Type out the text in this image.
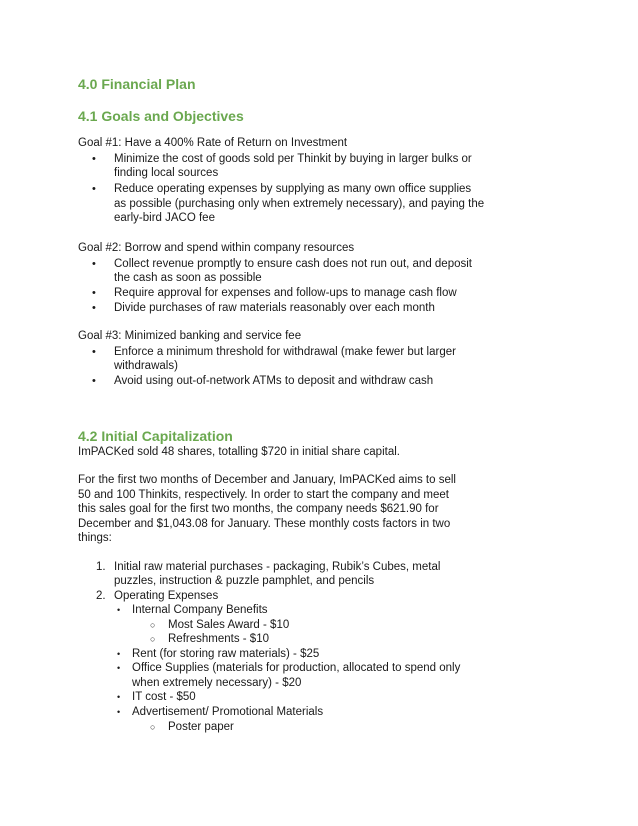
4.0 Financial Plan
4.1 Goals and Objectives
Goal #1: Have a 400% Rate of Return on Investment
• Minimize the cost of goods sold per Thinkit by buying in larger bulks or
finding local sources
• Reduce operating expenses by supplying as many own office supplies
as possible (purchasing only when extremely necessary), and paying the
early-bird JACO fee
Goal #2: Borrow and spend within company resources
• Collect revenue promptly to ensure cash does not run out, and deposit
the cash as soon as possible
• Require approval for expenses and follow-ups to manage cash flow
• Divide purchases of raw materials reasonably over each month
Goal #3: Minimized banking and service fee
• Enforce a minimum threshold for withdrawal (make fewer but larger
withdrawals)
• Avoid using out-of-network ATMs to deposit and withdraw cash
4.2 Initial Capitalization
ImPACKed sold 48 shares, totalling $720 in initial share capital.
For the first two months of December and January, ImPACKed aims to sell
50 and 100 Thinkits, respectively. In order to start the company and meet
this sales goal for the first two months, the company needs $621.90 for
December and $1,043.08 for January. These monthly costs factors in two
things:
1. Initial raw material purchases - packaging, Rubik’s Cubes, metal
puzzles, instruction & puzzle pamphlet, and pencils
2. Operating Expenses
• Internal Company Benefits
○ Most Sales Award - $10
○ Refreshments - $10
• Rent (for storing raw materials) - $25
• Office Supplies (materials for production, allocated to spend only
when extremely necessary) - $20
• IT cost - $50
• Advertisement/ Promotional Materials
○ Poster paper
